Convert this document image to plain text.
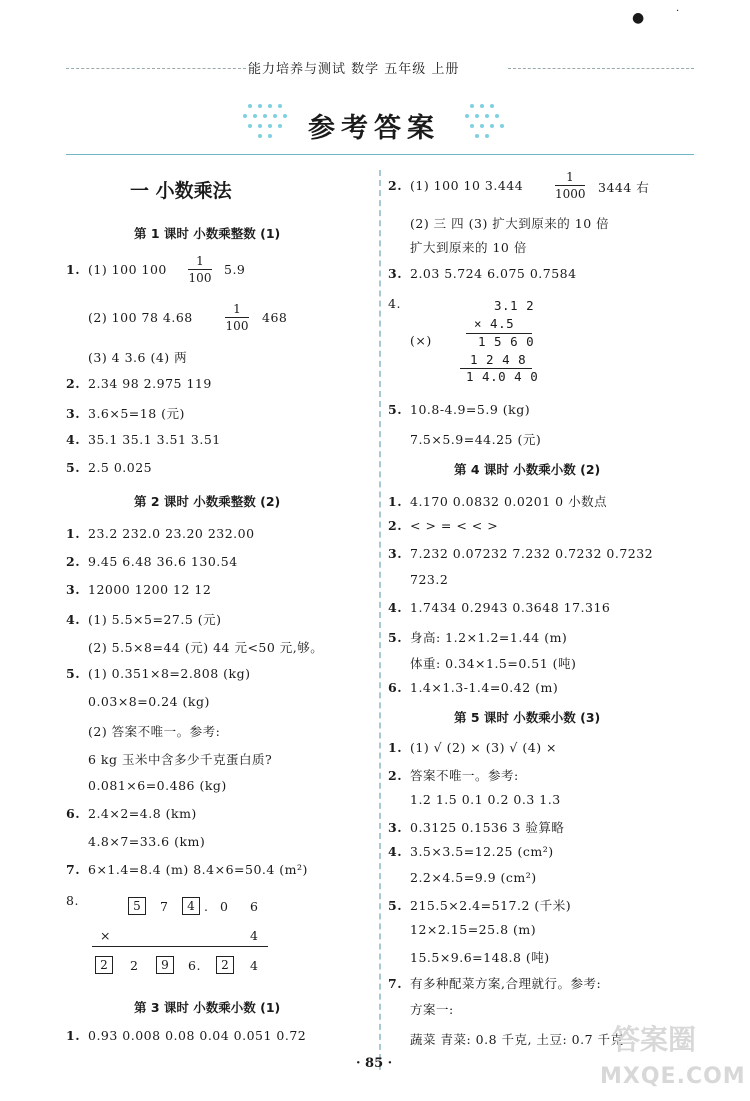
能力培养与测试 数学 五年级 上册
●	·
参考答案
一 小数乘法
第 1 课时 小数乘整数 (1)
1. (1) 100 100
1
100
5.9
(2) 100 78 4.68
1
100
468
(3) 4 3.6 (4) 两
2. 2.34 98 2.975 119
3. 3.6×5=18 (元)
4. 35.1 35.1 3.51 3.51
5. 2.5 0.025
第 2 课时 小数乘整数 (2)
1. 23.2 232.0 23.20 232.00
2. 9.45 6.48 36.6 130.54
3. 12000 1200 12 12
4. (1) 5.5×5=27.5 (元)
(2) 5.5×8=44 (元) 44 元<50 元,够。
5. (1) 0.351×8=2.808 (kg)
0.03×8=0.24 (kg)
(2) 答案不唯一。参考:
6 kg 玉米中含多少千克蛋白质?
0.081×6=0.486 (kg)
6. 2.4×2=4.8 (km)
4.8×7=33.6 (km)
7. 6×1.4=8.4 (m) 8.4×6=50.4 (m²)
8.	5	7	4 . 0 6
×	4
2	2	9	6.	2	4
第 3 课时 小数乘小数 (1)
1. 0.93 0.008 0.08 0.04 0.051 0.72
2. (1) 100 10 3.444
1
1000 3444 右
(2) 三 四 (3) 扩大到原来的 10 倍
扩大到原来的 10 倍
3. 2.03 5.724 6.075 0.7584
4.
(×)
3.1 2
× 4.5
1 5 6 0
1 2 4 8
1 4.0 4 0
5. 10.8-4.9=5.9 (kg)
7.5×5.9=44.25 (元)
第 4 课时 小数乘小数 (2)
1. 4.170 0.0832 0.0201 0 小数点
2. < > = < < >
3. 7.232 0.07232 7.232 0.7232 0.7232
723.2
4. 1.7434 0.2943 0.3648 17.316
5. 身高: 1.2×1.2=1.44 (m)
体重: 0.34×1.5=0.51 (吨)
6. 1.4×1.3-1.4=0.42 (m)
第 5 课时 小数乘小数 (3)
1. (1) √ (2) × (3) √ (4) ×
2. 答案不唯一。参考:
1.2 1.5 0.1 0.2 0.3 1.3
3. 0.3125 0.1536 3 验算略
4. 3.5×3.5=12.25 (cm²)
2.2×4.5=9.9 (cm²)
5. 215.5×2.4=517.2 (千米)
12×2.15=25.8 (m)
15.5×9.6=148.8 (吨)
7. 有多种配菜方案,合理就行。参考:
方案一:
蔬菜 青菜: 0.8 千克, 土豆: 0.7 千克
· 85 ·
答案圈
MXQE.COM
